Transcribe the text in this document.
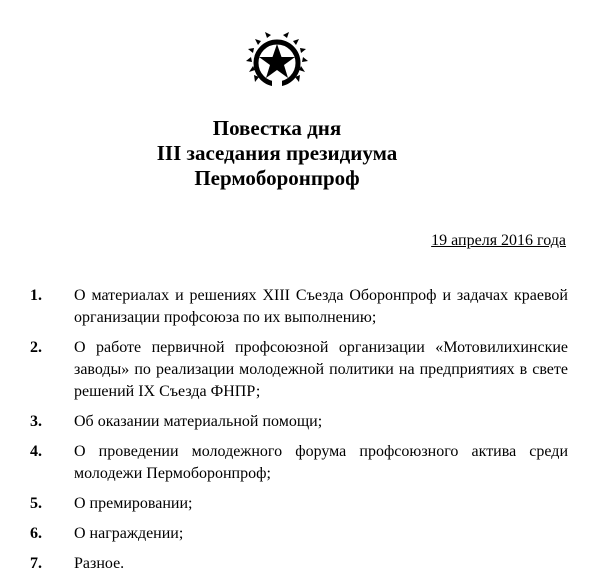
Повестка дня
III заседания президиума
Пермоборонпроф
19 апреля 2016 года
1.	О материалах и решениях XIII Съезда Оборонпроф и задачах краевой организации профсоюза по их выполнению;
2.	О работе первичной профсоюзной организации «Мотовилихинские заводы» по реализации молодежной политики на предприятиях в свете решений IX Съезда ФНПР;
3.	Об оказании материальной помощи;
4.	О проведении молодежного форума профсоюзного актива среди молодежи Пермоборонпроф;
5.	О премировании;
6.	О награждении;
7.	Разное.
